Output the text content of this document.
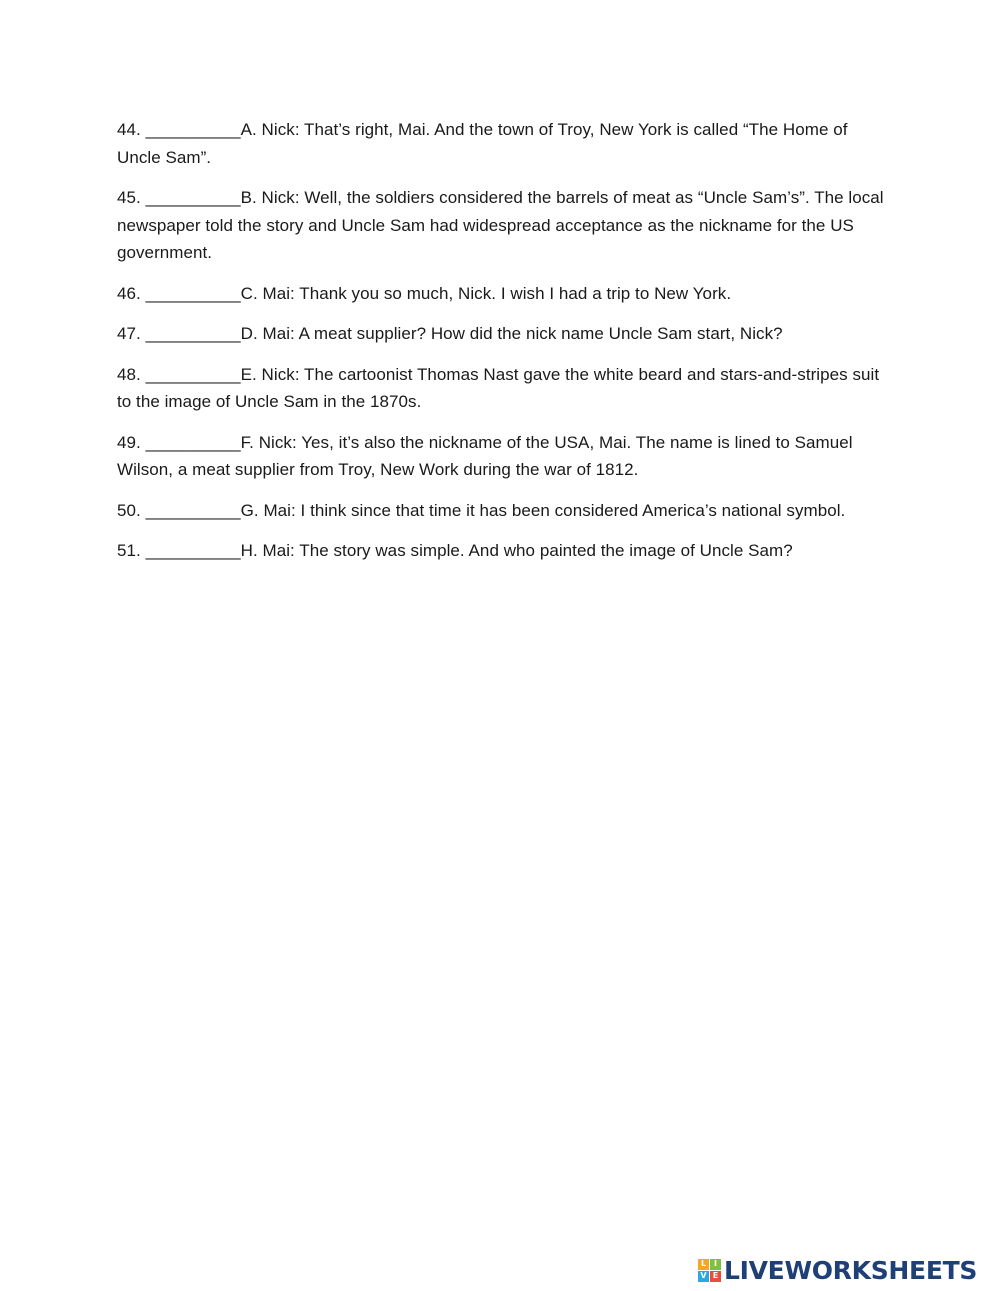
44. __________A. Nick: That’s right, Mai. And the town of Troy, New York is called “The Home of Uncle Sam”.

45. __________B. Nick: Well, the soldiers considered the barrels of meat as “Uncle Sam’s”. The local newspaper told the story and Uncle Sam had widespread acceptance as the nickname for the US government.

46. __________C. Mai: Thank you so much, Nick. I wish I had a trip to New York.

47. __________D. Mai: A meat supplier? How did the nick name Uncle Sam start, Nick?

48. __________E. Nick: The cartoonist Thomas Nast gave the white beard and stars-and-stripes suit to the image of Uncle Sam in the 1870s.

49. __________F. Nick: Yes, it’s also the nickname of the USA, Mai. The name is lined to Samuel Wilson, a meat supplier from Troy, New Work during the war of 1812.

50. __________G. Mai: I think since that time it has been considered America’s national symbol.

51. __________H. Mai: The story was simple. And who painted the image of Uncle Sam?

L I
V E LIVEWORKSHEETS
